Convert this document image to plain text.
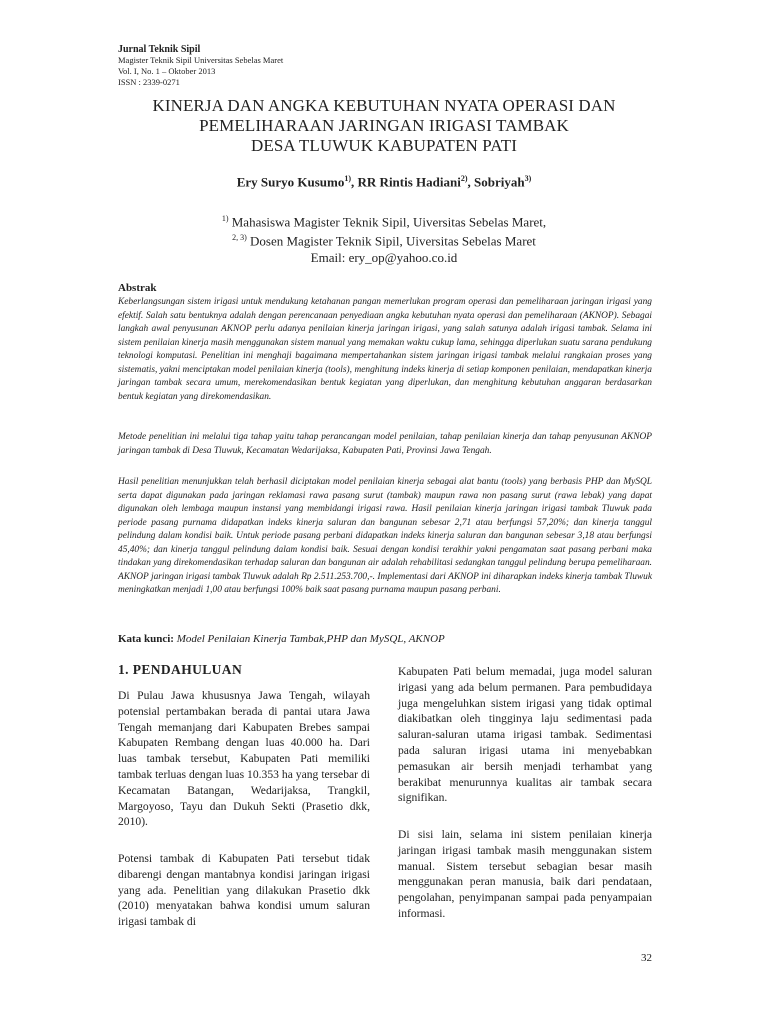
Jurnal Teknik Sipil
Magister Teknik Sipil Universitas Sebelas Maret
Vol. I, No. 1 – Oktober 2013
ISSN : 2339-0271
KINERJA DAN ANGKA KEBUTUHAN NYATA OPERASI DAN
PEMELIHARAAN JARINGAN IRIGASI TAMBAK
DESA TLUWUK KABUPATEN PATI
Ery Suryo Kusumo$^{1)}$, RR Rintis Hadiani$^{2)}$, Sobriyah$^{3)}$
$^{1)}$ Mahasiswa Magister Teknik Sipil, Uiversitas Sebelas Maret,
$^{2, 3)}$ Dosen Magister Teknik Sipil, Uiversitas Sebelas Maret
Email: ery_op@yahoo.co.id
Abstrak
Keberlangsungan sistem irigasi untuk mendukung ketahanan pangan memerlukan program operasi dan pemeliharaan jaringan irigasi yang efektif. Salah satu bentuknya adalah dengan perencanaan penyediaan angka kebutuhan nyata operasi dan pemeliharaan (AKNOP). Sebagai langkah awal penyusunan AKNOP perlu adanya penilaian kinerja jaringan irigasi, yang salah satunya adalah irigasi tambak. Selama ini sistem penilaian kinerja masih menggunakan sistem manual yang memakan waktu cukup lama, sehingga diperlukan suatu sarana pendukung teknologi komputasi. Penelitian ini menghaji bagaimana mempertahankan sistem jaringan irigasi tambak melalui rangkaian proses yang sistematis, yakni menciptakan model penilaian kinerja (tools), menghitung indeks kinerja di setiap komponen penilaian, mendapatkan kinerja jaringan tambak secara umum, merekomendasikan bentuk kegiatan yang diperlukan, dan menghitung kebutuhan anggaran berdasarkan bentuk kegiatan yang direkomendasikan.
Metode penelitian ini melalui tiga tahap yaitu tahap perancangan model penilaian, tahap penilaian kinerja dan tahap penyusunan AKNOP jaringan tambak di Desa Tluwuk, Kecamatan Wedarijaksa, Kabupaten Pati, Provinsi Jawa Tengah.
Hasil penelitian menunjukkan telah berhasil diciptakan model penilaian kinerja sebagai alat bantu (tools) yang berbasis PHP dan MySQL serta dapat digunakan pada jaringan reklamasi rawa pasang surut (tambak) maupun rawa non pasang surut (rawa lebak) yang dapat digunakan oleh lembaga maupun instansi yang membidangi irigasi rawa. Hasil penilaian kinerja jaringan irigasi tambak Tluwuk pada periode pasang purnama didapatkan indeks kinerja saluran dan bangunan sebesar 2,71 atau berfungsi 57,20%; dan kinerja tanggul pelindung dalam kondisi baik. Untuk periode pasang perbani didapatkan indeks kinerja saluran dan bangunan sebesar 3,18 atau berfungsi 45,40%; dan kinerja tanggul pelindung dalam kondisi baik. Sesuai dengan kondisi terakhir yakni pengamatan saat pasang perbani maka tindakan yang direkomendasikan terhadap saluran dan bangunan air adalah rehabilitasi sedangkan tanggul pelindung berupa pemeliharaan. AKNOP jaringan irigasi tambak Tluwuk adalah Rp 2.511.253.700,-. Implementasi dari AKNOP ini diharapkan indeks kinerja tambak Tluwuk meningkatkan menjadi 1,00 atau berfungsi 100% baik saat pasang purnama maupun pasang perbani.
Kata kunci: Model Penilaian Kinerja Tambak,PHP dan MySQL, AKNOP
1. PENDAHULUAN
Di Pulau Jawa khususnya Jawa Tengah, wilayah potensial pertambakan berada di pantai utara Jawa Tengah memanjang dari Kabupaten Brebes sampai Kabupaten Rembang dengan luas 40.000 ha. Dari luas tambak tersebut, Kabupaten Pati memiliki tambak terluas dengan luas 10.353 ha yang tersebar di Kecamatan Batangan, Wedarijaksa, Trangkil, Margoyoso, Tayu dan Dukuh Sekti (Prasetio dkk, 2010).
Potensi tambak di Kabupaten Pati tersebut tidak dibarengi dengan mantabnya kondisi jaringan irigasi yang ada. Penelitian yang dilakukan Prasetio dkk (2010) menyatakan bahwa kondisi umum saluran irigasi tambak di
Kabupaten Pati belum memadai, juga model saluran irigasi yang ada belum permanen. Para pembudidaya juga mengeluhkan sistem irigasi yang tidak optimal diakibatkan oleh tingginya laju sedimentasi pada saluran-saluran utama irigasi tambak. Sedimentasi pada saluran irigasi utama ini menyebabkan pemasukan air bersih menjadi terhambat yang berakibat menurunnya kualitas air tambak secara signifikan.
Di sisi lain, selama ini sistem penilaian kinerja jaringan irigasi tambak masih menggunakan sistem manual. Sistem tersebut sebagian besar masih menggunakan peran manusia, baik dari pendataan, pengolahan, penyimpanan sampai pada penyampaian informasi.
32
